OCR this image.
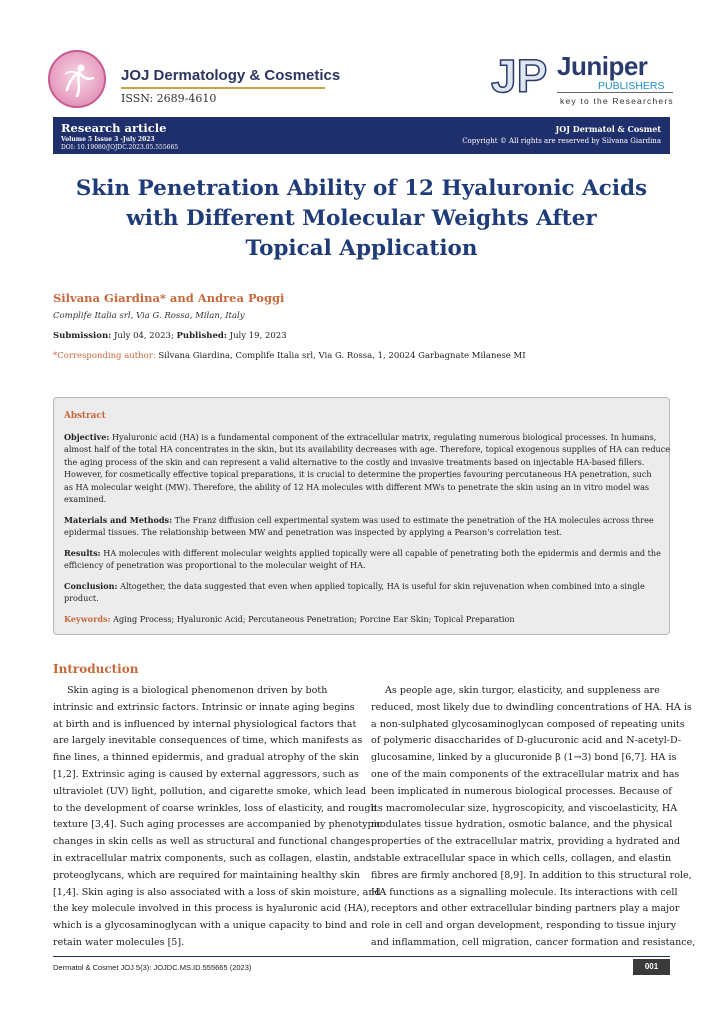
JOJ Dermatology & Cosmetics
ISSN: 2689-4610	JP Juniper
PUBLISHERS
key to the Researchers
Research article
Volume 5 Issue 3 -July 2023
DOI: 10.19080/JOJDC.2023.05.555665
JOJ Dermatol & Cosmet
Copyright © All rights are reserved by Silvana Giardina
Skin Penetration Ability of 12 Hyaluronic Acids
with Different Molecular Weights After
Topical Application
Silvana Giardina* and Andrea Poggi
Complife Italia srl, Via G. Rossa, Milan, Italy
Submission: July 04, 2023; Published: July 19, 2023
*Corresponding author: Silvana Giardina, Complife Italia srl, Via G. Rossa, 1, 20024 Garbagnate Milanese MI
Abstract
Objective: Hyaluronic acid (HA) is a fundamental component of the extracellular matrix, regulating numerous biological processes. In humans,
almost half of the total HA concentrates in the skin, but its availability decreases with age. Therefore, topical exogenous supplies of HA can reduce
the aging process of the skin and can represent a valid alternative to the costly and invasive treatments based on injectable HA-based fillers.
However, for cosmetically effective topical preparations, it is crucial to determine the properties favouring percutaneous HA penetration, such
as HA molecular weight (MW). Therefore, the ability of 12 HA molecules with different MWs to penetrate the skin using an in vitro model was
examined.
Materials and Methods: The Franz diffusion cell experimental system was used to estimate the penetration of the HA molecules across three
epidermal tissues. The relationship between MW and penetration was inspected by applying a Pearson's correlation test.
Results: HA molecules with different molecular weights applied topically were all capable of penetrating both the epidermis and dermis and the
efficiency of penetration was proportional to the molecular weight of HA.
Conclusion: Altogether, the data suggested that even when applied topically, HA is useful for skin rejuvenation when combined into a single
product.
Keywords: Aging Process; Hyaluronic Acid; Percutaneous Penetration; Porcine Ear Skin; Topical Preparation
Introduction
Skin aging is a biological phenomenon driven by both
intrinsic and extrinsic factors. Intrinsic or innate aging begins
at birth and is influenced by internal physiological factors that
are largely inevitable consequences of time, which manifests as
fine lines, a thinned epidermis, and gradual atrophy of the skin
[1,2]. Extrinsic aging is caused by external aggressors, such as
ultraviolet (UV) light, pollution, and cigarette smoke, which lead
to the development of coarse wrinkles, loss of elasticity, and rough
texture [3,4]. Such aging processes are accompanied by phenotypic
changes in skin cells as well as structural and functional changes
in extracellular matrix components, such as collagen, elastin, and
proteoglycans, which are required for maintaining healthy skin
[1,4]. Skin aging is also associated with a loss of skin moisture, and
the key molecule involved in this process is hyaluronic acid (HA),
which is a glycosaminoglycan with a unique capacity to bind and
retain water molecules [5].
As people age, skin turgor, elasticity, and suppleness are
reduced, most likely due to dwindling concentrations of HA. HA is
a non-sulphated glycosaminoglycan composed of repeating units
of polymeric disaccharides of D-glucuronic acid and N-acetyl-D-
glucosamine, linked by a glucuronide β (1→3) bond [6,7]. HA is
one of the main components of the extracellular matrix and has
been implicated in numerous biological processes. Because of
its macromolecular size, hygroscopicity, and viscoelasticity, HA
modulates tissue hydration, osmotic balance, and the physical
properties of the extracellular matrix, providing a hydrated and
stable extracellular space in which cells, collagen, and elastin
fibres are firmly anchored [8,9]. In addition to this structural role,
HA functions as a signalling molecule. Its interactions with cell
receptors and other extracellular binding partners play a major
role in cell and organ development, responding to tissue injury
and inflammation, cell migration, cancer formation and resistance,
Dermatol & Cosmet JOJ 5(3): JOJDC.MS.ID.555665 (2023)	001
